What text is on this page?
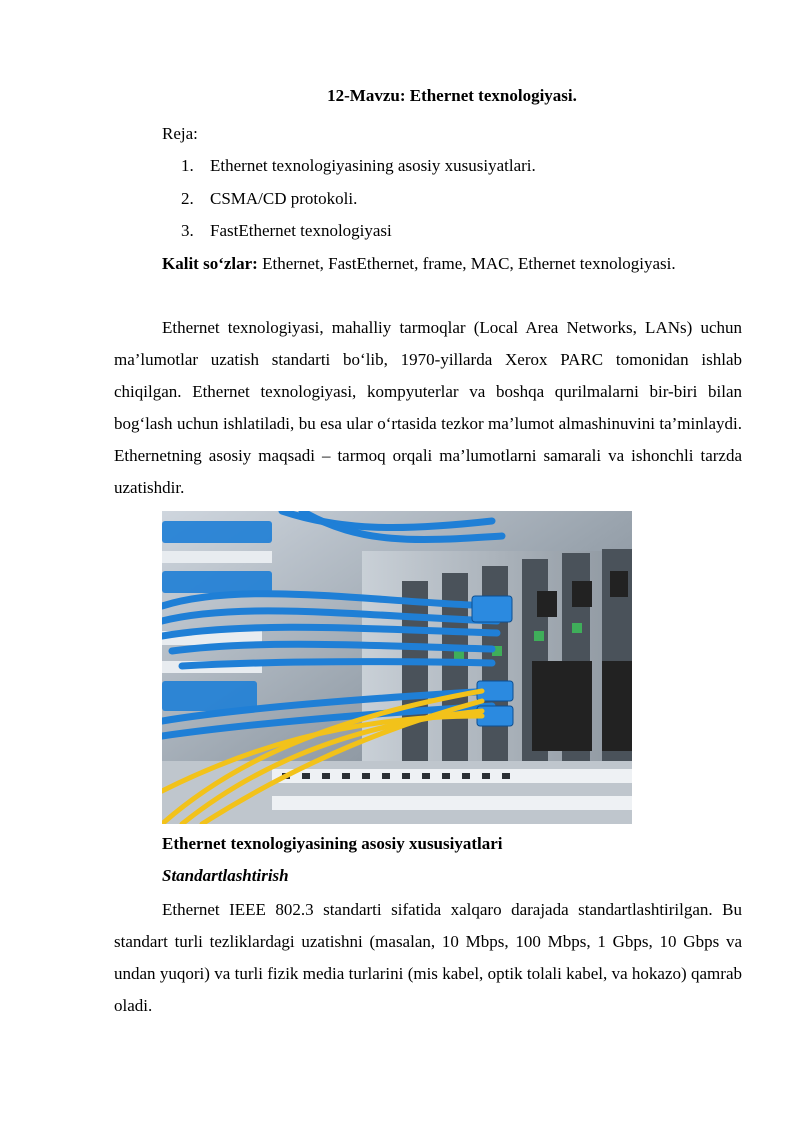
12-Mavzu: Ethernet texnologiyasi.
Reja:
1. Ethernet texnologiyasining asosiy xususiyatlari.
2. CSMA/CD protokoli.
3. FastEthernet texnologiyasi
Kalit so‘zlar: Ethernet, FastEthernet, frame, MAC, Ethernet texnologiyasi.

Ethernet texnologiyasi, mahalliy tarmoqlar (Local Area Networks, LANs) uchun ma’lumotlar uzatish standarti bo‘lib, 1970-yillarda Xerox PARC tomonidan ishlab chiqilgan. Ethernet texnologiyasi, kompyuterlar va boshqa qurilmalarni bir-biri bilan bog‘lash uchun ishlatiladi, bu esa ular o‘rtasida tezkor ma’lumot almashinuvini ta’minlaydi. Ethernetning asosiy maqsadi – tarmoq orqali ma’lumotlarni samarali va ishonchli tarzda uzatishdir.

Ethernet texnologiyasining asosiy xususiyatlari
Standartlashtirish

Ethernet IEEE 802.3 standarti sifatida xalqaro darajada standartlashtirilgan. Bu standart turli tezliklardagi uzatishni (masalan, 10 Mbps, 100 Mbps, 1 Gbps, 10 Gbps va undan yuqori) va turli fizik media turlarini (mis kabel, optik tolali kabel, va hokazo) qamrab oladi.
